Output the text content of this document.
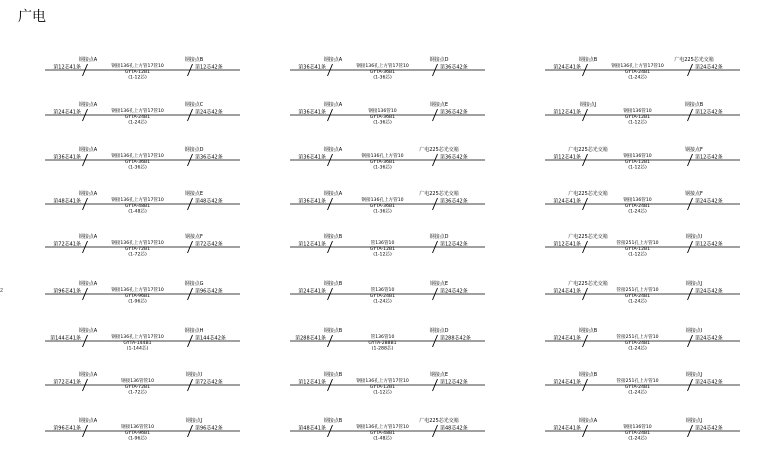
广电
z
钢接点A	钢接点B
第12芯41条	第12芯42条
钢接136孔上方管17管10
GYTA-12B1
(1-12芯)
钢接点A	钢接点C
第24芯41条	第24芯42条
钢接136孔上方管17管10
GYTA-24B1
(1-24芯)
钢接点A	钢接点D
第36芯41条	第36芯42条
钢接136孔上方管17管10
GYTA-36B1
(1-36芯)
钢接点A	钢接点E
第48芯41条	第48芯42条
钢接136孔上方管17管10
GYTA-48B1
(1-48芯)
钢接点A	钢接点F
第72芯41条	第72芯42条
钢接136孔上方管17管10
GYTA-72B1
(1-72芯)
钢接点A	钢接点G
第96芯41条	第96芯42条
钢接136孔上方管17管10
GYTA-96B1
(1-96芯)
钢接点A	钢接点H
第144芯41条	第144芯42条
钢接136孔上方管17管10
GYTA-144B1
(1-144芯)
钢接点A	钢接点I
第72芯41条	第72芯42条
钢接136管管10
GYTA-72B1
(1-72芯)
钢接点A	钢接点J
第96芯41条	第96芯42条
钢接136管管10
GYTA-96B1
(1-96芯)
钢接点A	钢接点D
第36芯41条	第36芯42条
钢接136孔上方管17管10
GYTA-36B1
(1-36芯)
钢接点A	钢接点E
第36芯41条	第36芯42条
钢接136管10
GYTA-36B1
(1-36芯)
钢接点A	广电225芯光交箱
第36芯41条	第36芯42条
钢接136孔上方管10
GYTA-36B1
(1-36芯)
钢接点A	广电225芯光交箱
第36芯41条	第36芯42条
钢接136孔上方管10
GYTA-36B1
(1-36芯)
钢接点B	钢接点D
第12芯41条	第12芯42条
管136管10
GYTA-12B1
(1-12芯)
钢接点B	钢接点E
第24芯41条	第24芯42条
管136管10
GYTA-24B1
(1-24芯)
钢接点B	钢接点D
第288芯41条	第288芯42条
管136管10
GYTA-288B1
(1-288芯)
钢接点B	钢接点E
第12芯41条	第12芯42条
钢接136孔上方管17管10
GYTA-12B1
(1-12芯)
钢接点B	广电225芯光交箱
第48芯41条	第48芯42条
钢接136孔上方管17管10
GYTA-48B1
(1-48芯)
钢接点B	广电225芯光交箱
第24芯41条	第24芯42条
钢接136孔上方管17管10
GYTA-24B1
(1-24芯)
钢接点J	钢接点B
第12芯41条	第12芯42条
钢接136管10
GYTA-12B1
(1-12芯)
广电225芯光交箱	钢接点F
第12芯41条	第12芯42条
钢接136管10
GYTA-12B1
(1-12芯)
广电225芯光交箱	钢接点F
第24芯41条	第24芯42条
钢接136管10
GYTA-24B1
(1-24芯)
广电225芯光交箱	钢接点I
第12芯41条	第12芯42条
管接251孔上方管10
GYTA-12B1
(1-12芯)
广电225芯光交箱	钢接点J
第24芯41条	第24芯42条
管接251孔上方管10
GYTA-24B1
(1-24芯)
钢接点B	钢接点I
第24芯41条	第24芯42条
管接251孔上方管10
GYTA-24B1
(1-24芯)
钢接点B	钢接点J
第24芯41条	第24芯42条
管接251孔上方管10
GYTA-24B1
(1-24芯)
钢接点A	钢接点J
第24芯41条	第24芯42条
钢接136管10
GYTA-24B1
(1-24芯)
